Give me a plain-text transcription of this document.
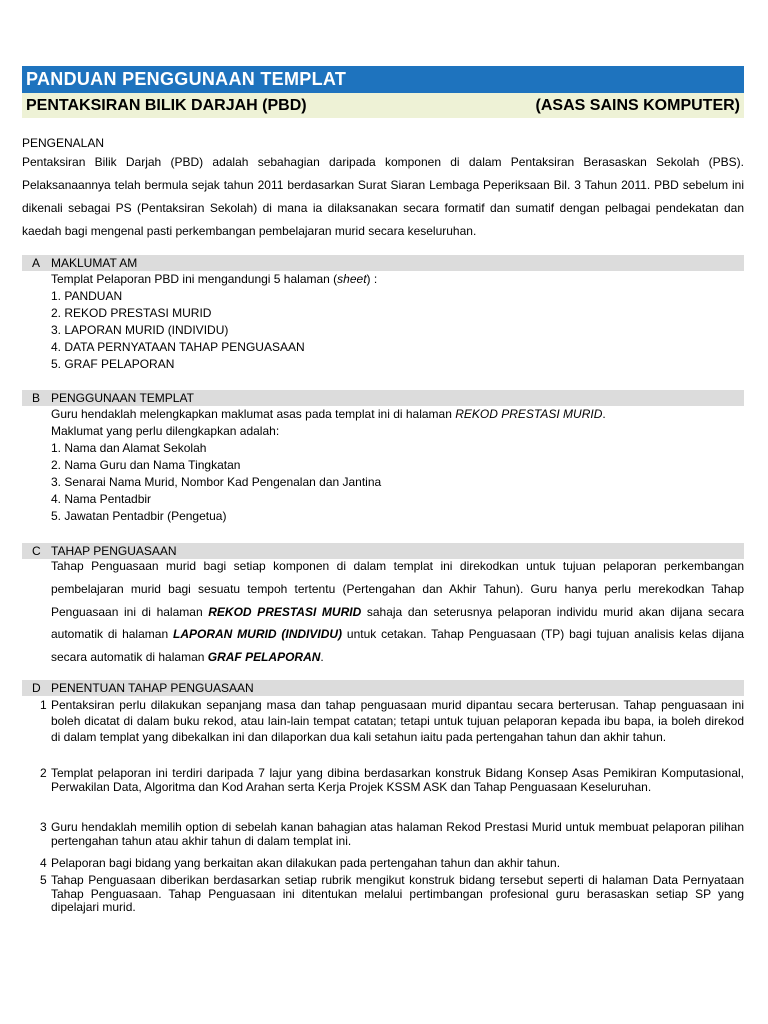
PANDUAN PENGGUNAAN TEMPLAT
PENTAKSIRAN BILIK DARJAH (PBD)	(ASAS SAINS KOMPUTER)
PENGENALAN
Pentaksiran Bilik Darjah (PBD) adalah sebahagian daripada komponen di dalam Pentaksiran Berasaskan Sekolah (PBS). Pelaksanaannya telah bermula sejak tahun 2011 berdasarkan Surat Siaran Lembaga Peperiksaan Bil. 3 Tahun 2011. PBD sebelum ini dikenali sebagai PS (Pentaksiran Sekolah) di mana ia dilaksanakan secara formatif dan sumatif dengan pelbagai pendekatan dan kaedah bagi mengenal pasti perkembangan pembelajaran murid secara keseluruhan.
A MAKLUMAT AM
Templat Pelaporan PBD ini mengandungi 5 halaman (sheet) :
1. PANDUAN
2. REKOD PRESTASI MURID
3. LAPORAN MURID (INDIVIDU)
4. DATA PERNYATAAN TAHAP PENGUASAAN
5. GRAF PELAPORAN
B PENGGUNAAN TEMPLAT
Guru hendaklah melengkapkan maklumat asas pada templat ini di halaman REKOD PRESTASI MURID.
Maklumat yang perlu dilengkapkan adalah:
1. Nama dan Alamat Sekolah
2. Nama Guru dan Nama Tingkatan
3. Senarai Nama Murid, Nombor Kad Pengenalan dan Jantina
4. Nama Pentadbir
5. Jawatan Pentadbir (Pengetua)
C TAHAP PENGUASAAN
Tahap Penguasaan murid bagi setiap komponen di dalam templat ini direkodkan untuk tujuan pelaporan perkembangan pembelajaran murid bagi sesuatu tempoh tertentu (Pertengahan dan Akhir Tahun). Guru hanya perlu merekodkan Tahap Penguasaan ini di halaman REKOD PRESTASI MURID sahaja dan seterusnya pelaporan individu murid akan dijana secara automatik di halaman LAPORAN MURID (INDIVIDU) untuk cetakan. Tahap Penguasaan (TP) bagi tujuan analisis kelas dijana secara automatik di halaman GRAF PELAPORAN.
D PENENTUAN TAHAP PENGUASAAN
1 Pentaksiran perlu dilakukan sepanjang masa dan tahap penguasaan murid dipantau secara berterusan. Tahap penguasaan ini boleh dicatat di dalam buku rekod, atau lain-lain tempat catatan; tetapi untuk tujuan pelaporan kepada ibu bapa, ia boleh direkod di dalam templat yang dibekalkan ini dan dilaporkan dua kali setahun iaitu pada pertengahan tahun dan akhir tahun.
2 Templat pelaporan ini terdiri daripada 7 lajur yang dibina berdasarkan konstruk Bidang Konsep Asas Pemikiran Komputasional, Perwakilan Data, Algoritma dan Kod Arahan serta Kerja Projek KSSM ASK dan Tahap Penguasaan Keseluruhan.
3 Guru hendaklah memilih option di sebelah kanan bahagian atas halaman Rekod Prestasi Murid untuk membuat pelaporan pilihan pertengahan tahun atau akhir tahun di dalam templat ini.
4 Pelaporan bagi bidang yang berkaitan akan dilakukan pada pertengahan tahun dan akhir tahun.
5 Tahap Penguasaan diberikan berdasarkan setiap rubrik mengikut konstruk bidang tersebut seperti di halaman Data Pernyataan Tahap Penguasaan. Tahap Penguasaan ini ditentukan melalui pertimbangan profesional guru berasaskan setiap SP yang dipelajari murid.
